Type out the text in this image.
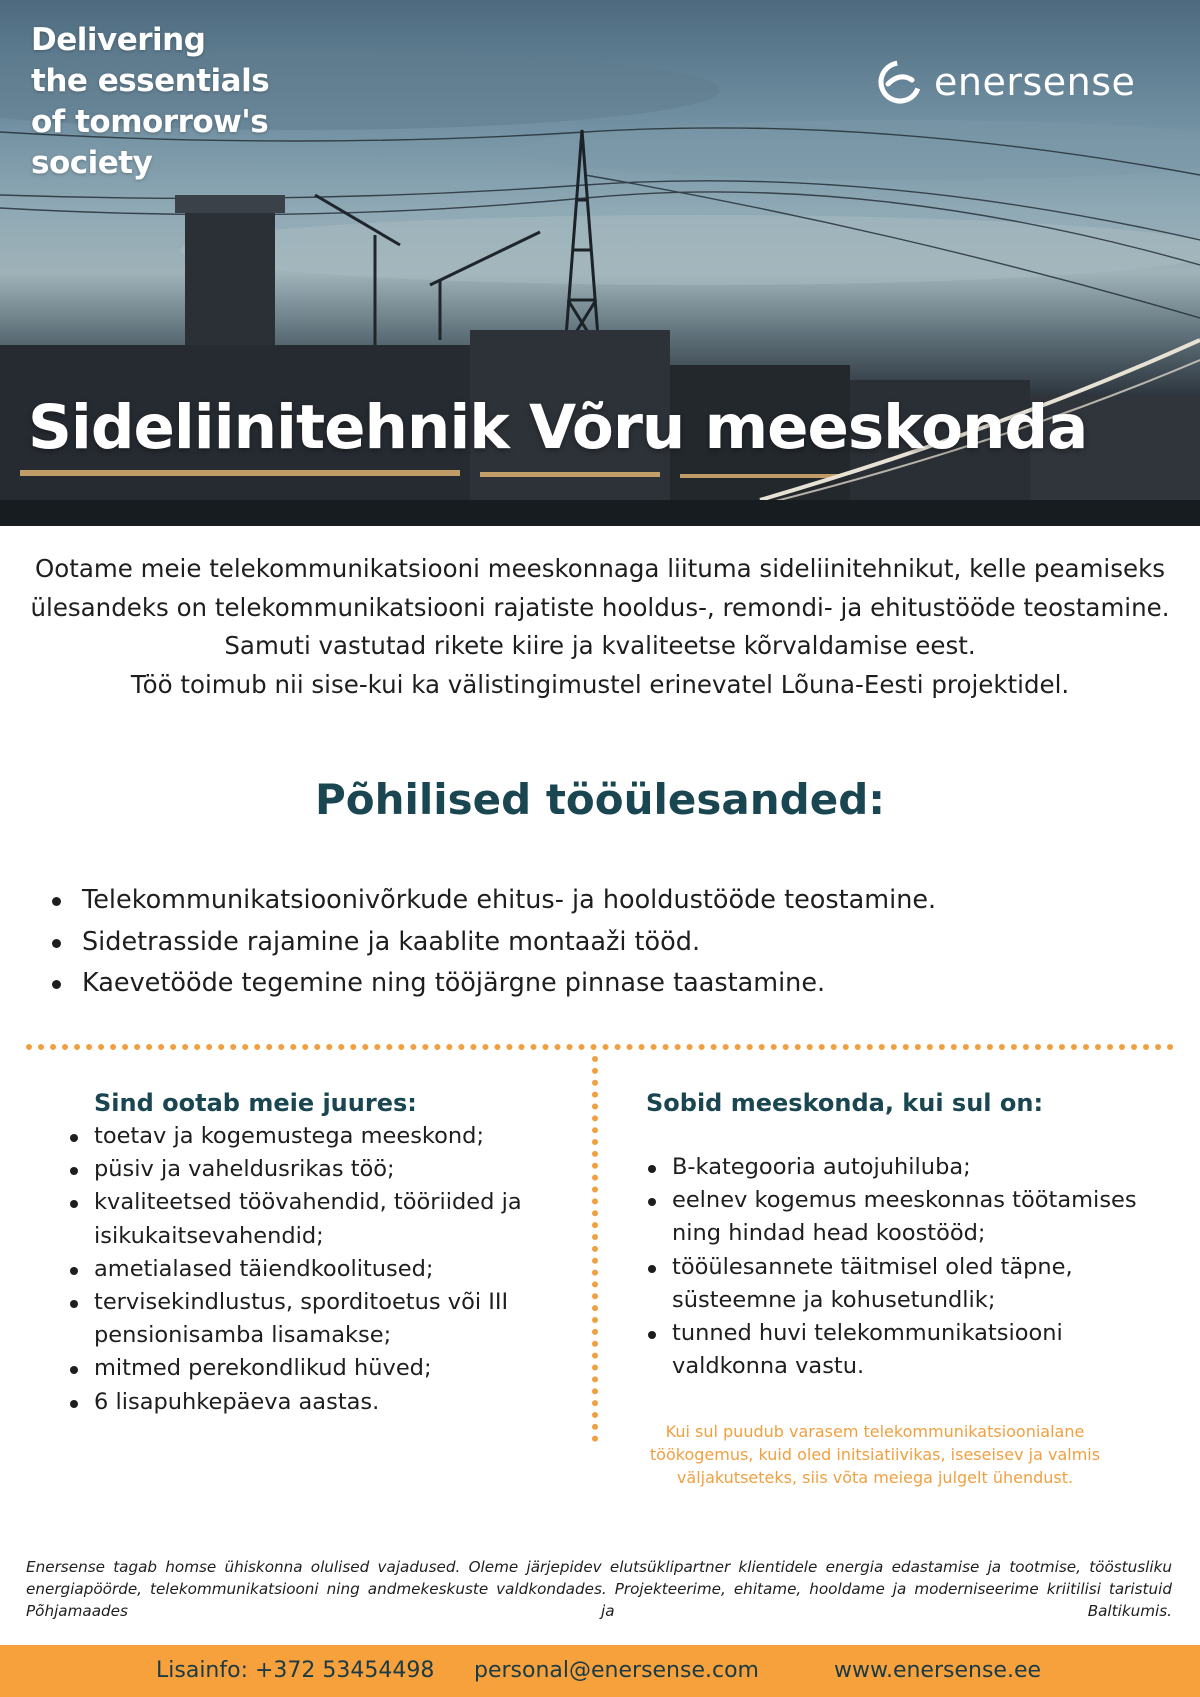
Delivering
the essentials
of tomorrow's
society
enersense
Sideliinitehnik Võru meeskonda

Ootame meie telekommunikatsiooni meeskonnaga liituma sideliinitehnikut, kelle peamiseks ülesandeks on telekommunikatsiooni rajatiste hooldus-, remondi- ja ehitustööde teostamine. Samuti vastutad rikete kiire ja kvaliteetse kõrvaldamise eest.

Töö toimub nii sise-kui ka välistingimustel erinevatel Lõuna-Eesti projektidel.

Põhilised tööülesanded:
Telekommunikatsioonivõrkude ehitus- ja hooldustööde teostamine.
Sidetrasside rajamine ja kaablite montaaži tööd.
Kaevetööde tegemine ning tööjärgne pinnase taastamine.
Sind ootab meie juures:
toetav ja kogemustega meeskond;
püsiv ja vaheldusrikas töö;
kvaliteetsed töövahendid, tööriided ja isikukaitsevahendid;
ametialased täiendkoolitused;
tervisekindlustus, sporditoetus või III pensionisamba lisamakse;
mitmed perekondlikud hüved;
6 lisapuhkepäeva aastas.
Sobid meeskonda, kui sul on:
B-kategooria autojuhiluba;
eelnev kogemus meeskonnas töötamises ning hindad head koostööd;
tööülesannete täitmisel oled täpne, süsteemne ja kohusetundlik;
tunned huvi telekommunikatsiooni valdkonna vastu.

Kui sul puudub varasem telekommunikatsioonialane töökogemus, kuid oled initsiatiivikas, iseseisev ja valmis väljakutseteks, siis võta meiega julgelt ühendust.

Enersense tagab homse ühiskonna olulised vajadused. Oleme järjepidev elutsüklipartner klientidele energia edastamise ja tootmise, tööstusliku energiapöörde, telekommunikatsiooni ning andmekeskuste valdkondades. Projekteerime, ehitame, hooldame ja moderniseerime kriitilisi taristuid Põhjamaades ja Baltikumis.

Lisainfo: +372 53454498 personal@enersense.com	www.enersense.ee
